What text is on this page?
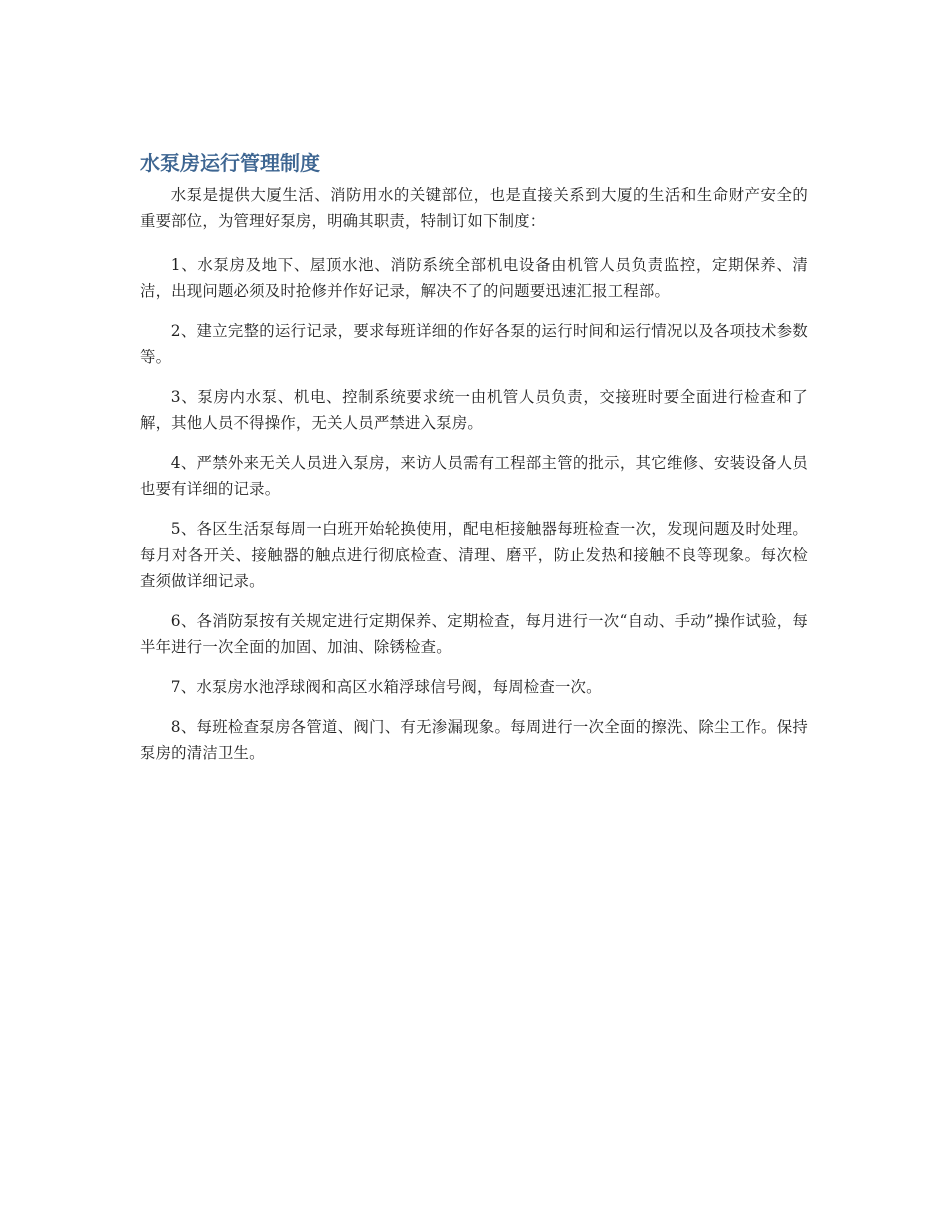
水泵房运行管理制度

水泵是提供大厦生活、消防用水的关键部位，也是直接关系到大厦的生活和生命财产安全的重要部位，为管理好泵房，明确其职责，特制订如下制度：

1、水泵房及地下、屋顶水池、消防系统全部机电设备由机管人员负责监控，定期保养、清洁，出现问题必须及时抢修并作好记录，解决不了的问题要迅速汇报工程部。

2、建立完整的运行记录，要求每班详细的作好各泵的运行时间和运行情况以及各项技术参数等。

3、泵房内水泵、机电、控制系统要求统一由机管人员负责，交接班时要全面进行检查和了解，其他人员不得操作，无关人员严禁进入泵房。

4、严禁外来无关人员进入泵房，来访人员需有工程部主管的批示，其它维修、安装设备人员也要有详细的记录。

5、各区生活泵每周一白班开始轮换使用，配电柜接触器每班检查一次，发现问题及时处理。每月对各开关、接触器的触点进行彻底检查、清理、磨平，防止发热和接触不良等现象。每次检查须做详细记录。

6、各消防泵按有关规定进行定期保养、定期检查，每月进行一次“自动、手动”操作试验，每半年进行一次全面的加固、加油、除锈检查。

7、水泵房水池浮球阀和高区水箱浮球信号阀，每周检查一次。

8、每班检查泵房各管道、阀门、有无渗漏现象。每周进行一次全面的擦洗、除尘工作。保持泵房的清洁卫生。
